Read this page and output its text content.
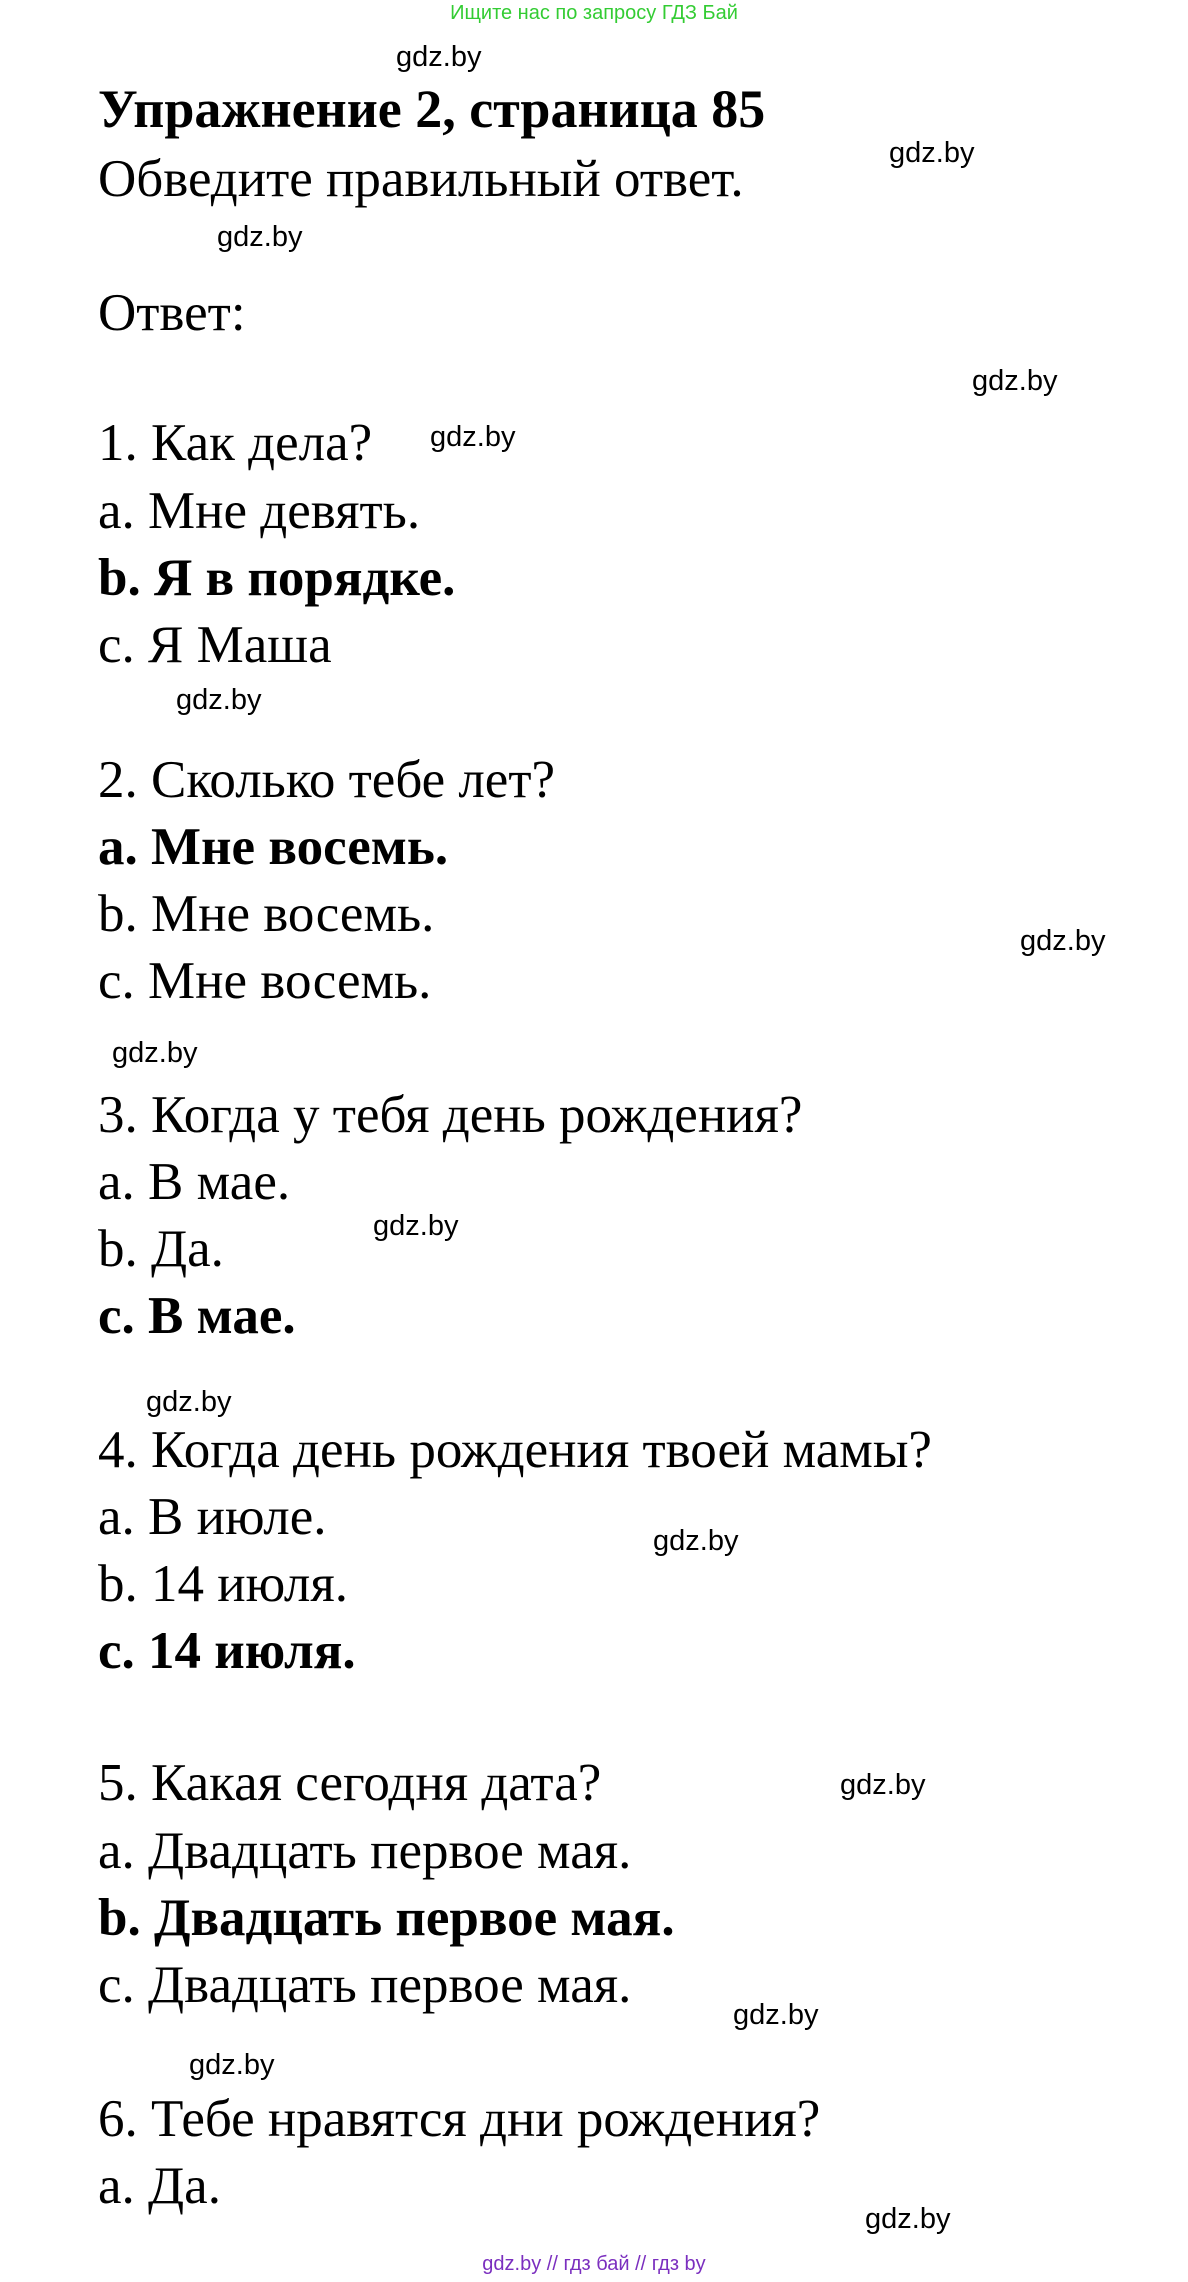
Ищите нас по запросу ГДЗ Бай
Упражнение 2, страница 85
Обведите правильный ответ.
Ответ:
1. Как дела?
a. Мне девять.
b. Я в порядке.
c. Я Маша
2. Сколько тебе лет?
a. Мне восемь.
b. Мне восемь.
c. Мне восемь.
3. Когда у тебя день рождения?
a. В мае.
b. Да.
c. В мае.
4. Когда день рождения твоей мамы?
a. В июле.
b. 14 июля.
c. 14 июля.
5. Какая сегодня дата?
a. Двадцать первое мая.
b. Двадцать первое мая.
c. Двадцать первое мая.
6. Тебе нравятся дни рождения?
a. Да.
gdz.by
gdz.by
gdz.by
gdz.by
gdz.by
gdz.by
gdz.by
gdz.by
gdz.by
gdz.by
gdz.by
gdz.by
gdz.by
gdz.by
gdz.by
gdz.by // гдз бай // гдз by
